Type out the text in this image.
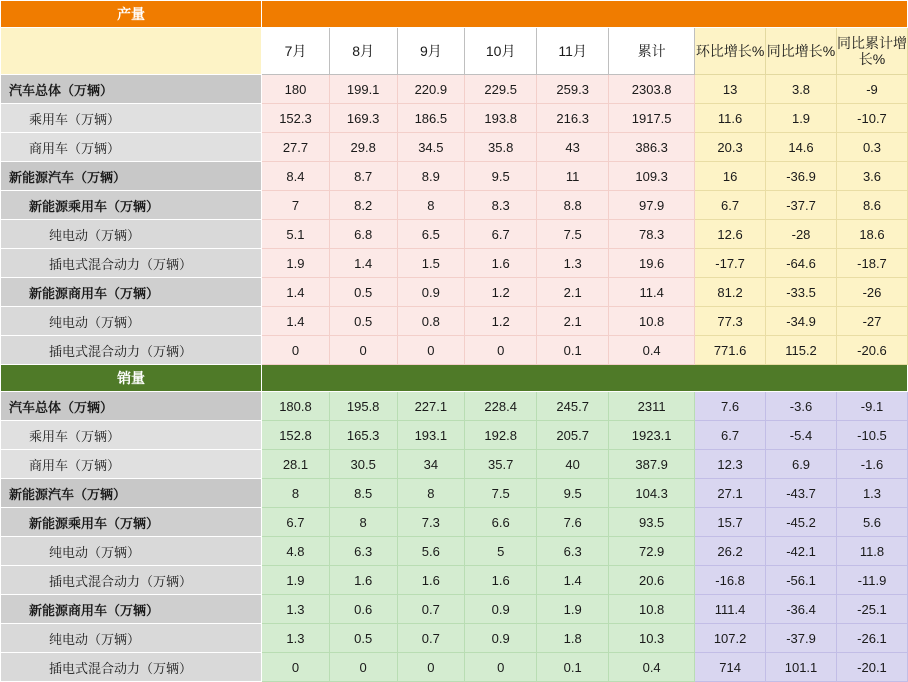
产量									
	7月	8月	9月	10月	11月	累计	环比增长%	同比增长%	同比累计增长%
汽车总体（万辆）	180	199.1	220.9	229.5	259.3	2303.8	13	3.8	-9
乘用车（万辆）	152.3	169.3	186.5	193.8	216.3	1917.5	11.6	1.9	-10.7
商用车（万辆）	27.7	29.8	34.5	35.8	43	386.3	20.3	14.6	0.3
新能源汽车（万辆）	8.4	8.7	8.9	9.5	11	109.3	16	-36.9	3.6
新能源乘用车（万辆）	7	8.2	8	8.3	8.8	97.9	6.7	-37.7	8.6
纯电动（万辆）	5.1	6.8	6.5	6.7	7.5	78.3	12.6	-28	18.6
插电式混合动力（万辆）	1.9	1.4	1.5	1.6	1.3	19.6	-17.7	-64.6	-18.7
新能源商用车（万辆）	1.4	0.5	0.9	1.2	2.1	11.4	81.2	-33.5	-26
纯电动（万辆）	1.4	0.5	0.8	1.2	2.1	10.8	77.3	-34.9	-27
插电式混合动力（万辆）	0	0	0	0	0.1	0.4	771.6	115.2	-20.6
销量									
汽车总体（万辆）	180.8	195.8	227.1	228.4	245.7	2311	7.6	-3.6	-9.1
乘用车（万辆）	152.8	165.3	193.1	192.8	205.7	1923.1	6.7	-5.4	-10.5
商用车（万辆）	28.1	30.5	34	35.7	40	387.9	12.3	6.9	-1.6
新能源汽车（万辆）	8	8.5	8	7.5	9.5	104.3	27.1	-43.7	1.3
新能源乘用车（万辆）	6.7	8	7.3	6.6	7.6	93.5	15.7	-45.2	5.6
纯电动（万辆）	4.8	6.3	5.6	5	6.3	72.9	26.2	-42.1	11.8
插电式混合动力（万辆）	1.9	1.6	1.6	1.6	1.4	20.6	-16.8	-56.1	-11.9
新能源商用车（万辆）	1.3	0.6	0.7	0.9	1.9	10.8	111.4	-36.4	-25.1
纯电动（万辆）	1.3	0.5	0.7	0.9	1.8	10.3	107.2	-37.9	-26.1
插电式混合动力（万辆）	0	0	0	0	0.1	0.4	714	101.1	-20.1
